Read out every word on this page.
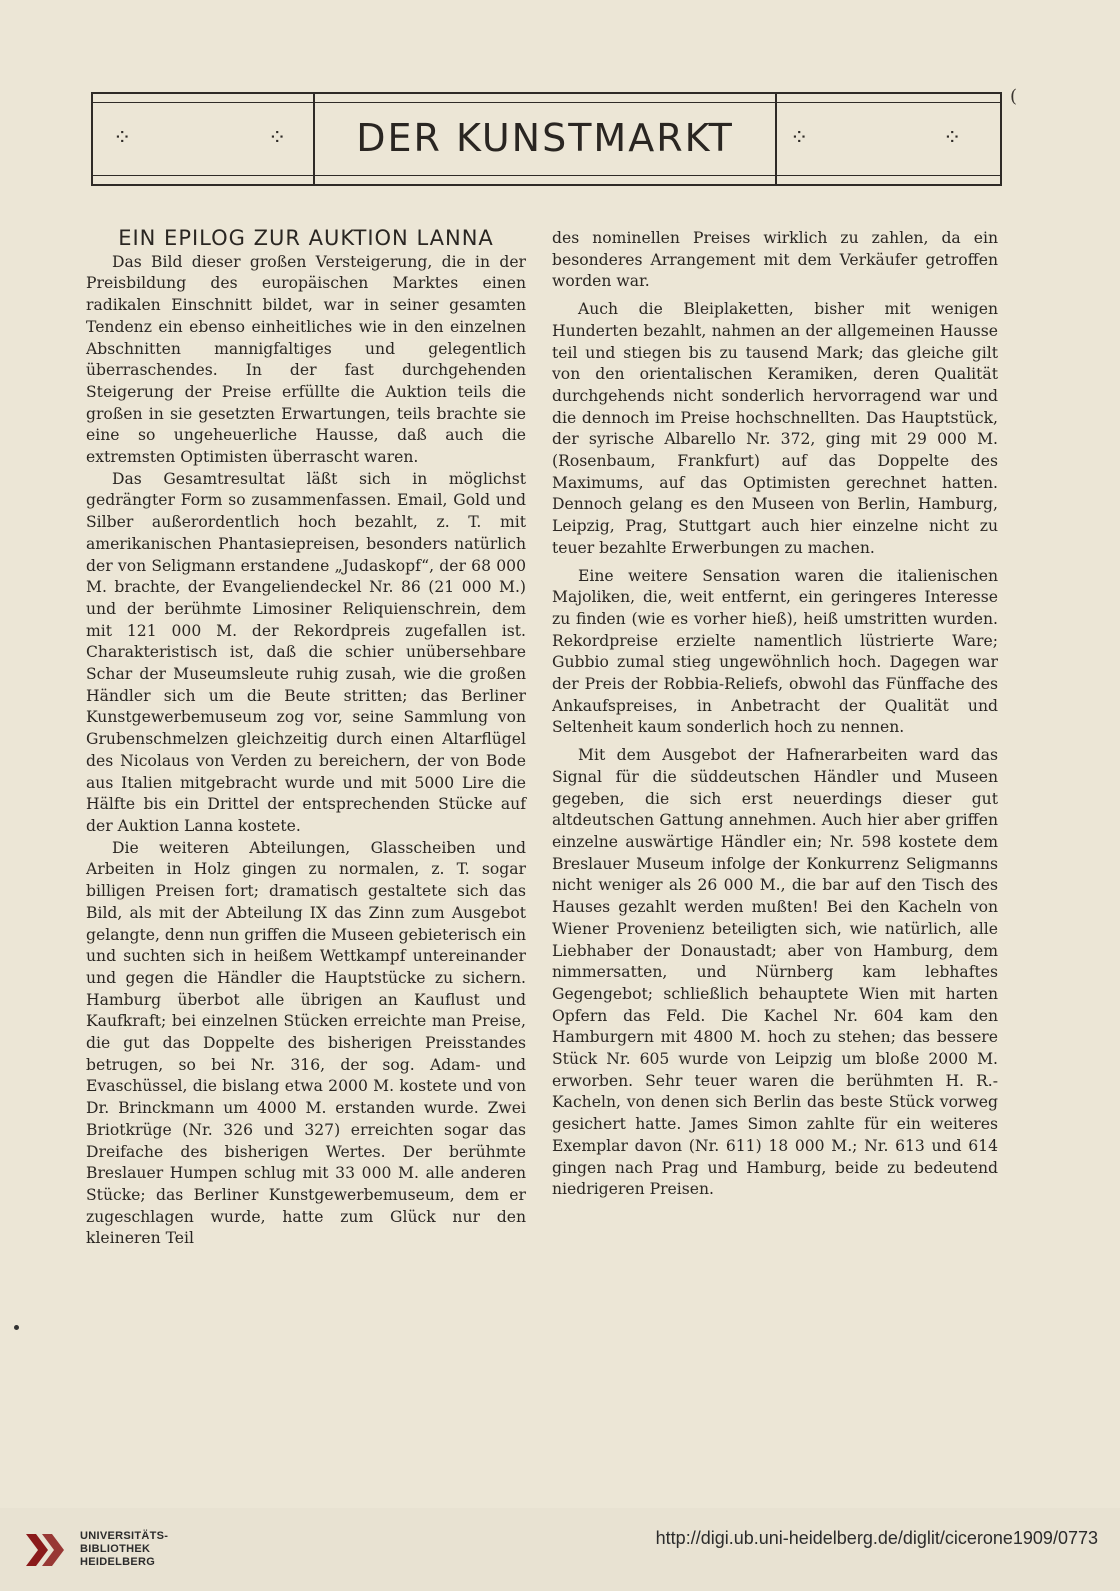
(
⁘	⁘	DER KUNSTMARKT	⁘	⁘
EIN EPILOG ZUR AUKTION LANNA

Das Bild dieser großen Versteigerung, die in der Preisbildung des europäischen Marktes einen radikalen Einschnitt bildet, war in seiner gesamten Tendenz ein ebenso einheitliches wie in den einzelnen Abschnitten mannigfaltiges und gelegentlich überraschendes. In der fast durchgehenden Steigerung der Preise erfüllte die Auktion teils die großen in sie gesetzten Erwartungen, teils brachte sie eine so ungeheuerliche Hausse, daß auch die extremsten Optimisten überrascht waren.

Das Gesamtresultat läßt sich in möglichst gedrängter Form so zusammenfassen. Email, Gold und Silber außerordentlich hoch bezahlt, z. T. mit amerikanischen Phantasiepreisen, besonders natürlich der von Seligmann erstandene „Judaskopf“, der 68 000 M. brachte, der Evangeliendeckel Nr. 86 (21 000 M.) und der berühmte Limosiner Reliquienschrein, dem mit 121 000 M. der Rekordpreis zugefallen ist. Charakteristisch ist, daß die schier unübersehbare Schar der Museumsleute ruhig zusah, wie die großen Händler sich um die Beute stritten; das Berliner Kunstgewerbemuseum zog vor, seine Sammlung von Grubenschmelzen gleichzeitig durch einen Altarflügel des Nicolaus von Verden zu bereichern, der von Bode aus Italien mitgebracht wurde und mit 5000 Lire die Hälfte bis ein Drittel der entsprechenden Stücke auf der Auktion Lanna kostete.

Die weiteren Abteilungen, Glasscheiben und Arbeiten in Holz gingen zu normalen, z. T. sogar billigen Preisen fort; dramatisch gestaltete sich das Bild, als mit der Abteilung IX das Zinn zum Ausgebot gelangte, denn nun griffen die Museen gebieterisch ein und suchten sich in heißem Wettkampf untereinander und gegen die Händler die Hauptstücke zu sichern. Hamburg überbot alle übrigen an Kauflust und Kaufkraft; bei einzelnen Stücken erreichte man Preise, die gut das Doppelte des bisherigen Preisstandes betrugen, so bei Nr. 316, der sog. Adam- und Evaschüssel, die bislang etwa 2000 M. kostete und von Dr. Brinckmann um 4000 M. erstanden wurde. Zwei Briotkrüge (Nr. 326 und 327) erreichten sogar das Dreifache des bisherigen Wertes. Der berühmte Breslauer Humpen schlug mit 33 000 M. alle anderen Stücke; das Berliner Kunstgewerbemuseum, dem er zugeschlagen wurde, hatte zum Glück nur den kleineren Teil

des nominellen Preises wirklich zu zahlen, da ein besonderes Arrangement mit dem Verkäufer getroffen worden war.

Auch die Bleiplaketten, bisher mit wenigen Hunderten bezahlt, nahmen an der allgemeinen Hausse teil und stiegen bis zu tausend Mark; das gleiche gilt von den orientalischen Keramiken, deren Qualität durchgehends nicht sonderlich hervorragend war und die dennoch im Preise hochschnellten. Das Hauptstück, der syrische Albarello Nr. 372, ging mit 29 000 M. (Rosenbaum, Frankfurt) auf das Doppelte des Maximums, auf das Optimisten gerechnet hatten. Dennoch gelang es den Museen von Berlin, Hamburg, Leipzig, Prag, Stuttgart auch hier einzelne nicht zu teuer bezahlte Erwerbungen zu machen.

Eine weitere Sensation waren die italienischen Majoliken, die, weit entfernt, ein geringeres Interesse zu finden (wie es vorher hieß), heiß umstritten wurden. Rekordpreise erzielte namentlich lüstrierte Ware; Gubbio zumal stieg ungewöhnlich hoch. Dagegen war der Preis der Robbia-Reliefs, obwohl das Fünffache des Ankaufspreises, in Anbetracht der Qualität und Seltenheit kaum sonderlich hoch zu nennen.

Mit dem Ausgebot der Hafnerarbeiten ward das Signal für die süddeutschen Händler und Museen gegeben, die sich erst neuerdings dieser gut altdeutschen Gattung annehmen. Auch hier aber griffen einzelne auswärtige Händler ein; Nr. 598 kostete dem Breslauer Museum infolge der Konkurrenz Seligmanns nicht weniger als 26 000 M., die bar auf den Tisch des Hauses gezahlt werden mußten! Bei den Kacheln von Wiener Provenienz beteiligten sich, wie natürlich, alle Liebhaber der Donaustadt; aber von Hamburg, dem nimmersatten, und Nürnberg kam lebhaftes Gegengebot; schließlich behauptete Wien mit harten Opfern das Feld. Die Kachel Nr. 604 kam den Hamburgern mit 4800 M. hoch zu stehen; das bessere Stück Nr. 605 wurde von Leipzig um bloße 2000 M. erworben. Sehr teuer waren die berühmten H. R.-Kacheln, von denen sich Berlin das beste Stück vorweg gesichert hatte. James Simon zahlte für ein weiteres Exemplar davon (Nr. 611) 18 000 M.; Nr. 613 und 614 gingen nach Prag und Hamburg, beide zu bedeutend niedrigeren Preisen.

UNIVERSITÄTS-
BIBLIOTHEK
HEIDELBERG
http://digi.ub.uni-heidelberg.de/diglit/cicerone1909/0773
